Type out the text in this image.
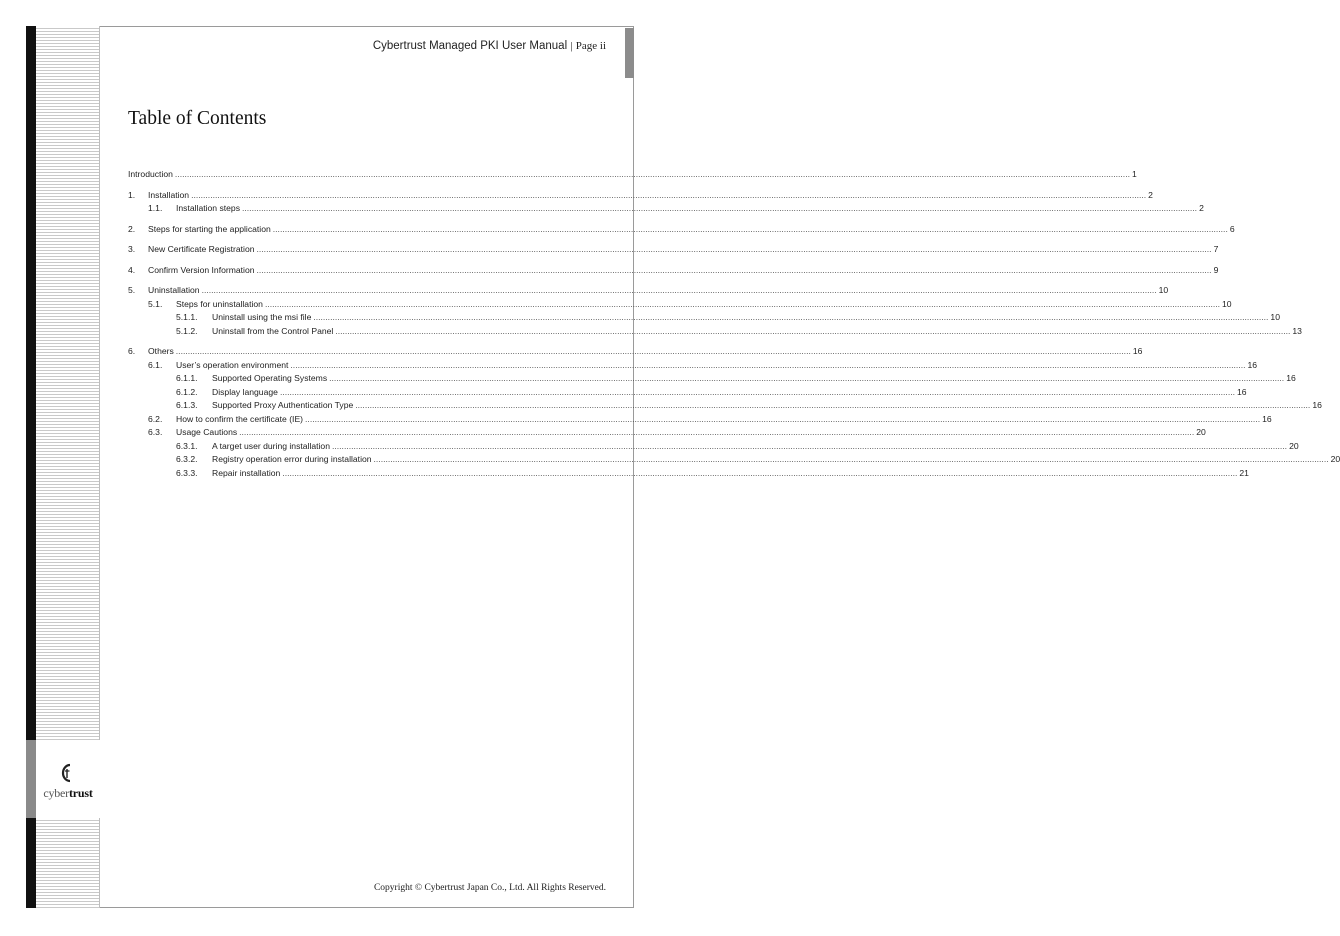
cybertrust
Cybertrust Managed PKI User Manual | Page ii
Table of Contents
Introduction ................................................................................................................................................................................................................................................................................................................................................................................................................ 1
1.	Installation ................................................................................................................................................................................................................................................................................................................................................................................................................ 2
1.1.	Installation steps ................................................................................................................................................................................................................................................................................................................................................................................................................ 2
2.	Steps for starting the application ................................................................................................................................................................................................................................................................................................................................................................................................................ 6
3.	New Certificate Registration ................................................................................................................................................................................................................................................................................................................................................................................................................ 7
4.	Confirm Version Information ................................................................................................................................................................................................................................................................................................................................................................................................................ 9
5.	Uninstallation ................................................................................................................................................................................................................................................................................................................................................................................................................ 10
5.1.	Steps for uninstallation ................................................................................................................................................................................................................................................................................................................................................................................................................ 10
5.1.1.	Uninstall using the msi file ................................................................................................................................................................................................................................................................................................................................................................................................................ 10
5.1.2.	Uninstall from the Control Panel ................................................................................................................................................................................................................................................................................................................................................................................................................ 13
6.	Others ................................................................................................................................................................................................................................................................................................................................................................................................................ 16
6.1.	User’s operation environment ................................................................................................................................................................................................................................................................................................................................................................................................................ 16
6.1.1.	Supported Operating Systems ................................................................................................................................................................................................................................................................................................................................................................................................................ 16
6.1.2.	Display language ................................................................................................................................................................................................................................................................................................................................................................................................................ 16
6.1.3.	Supported Proxy Authentication Type ................................................................................................................................................................................................................................................................................................................................................................................................................ 16
6.2.	How to confirm the certificate (IE) ................................................................................................................................................................................................................................................................................................................................................................................................................ 16
6.3.	Usage Cautions ................................................................................................................................................................................................................................................................................................................................................................................................................ 20
6.3.1.	A target user during installation ................................................................................................................................................................................................................................................................................................................................................................................................................ 20
6.3.2.	Registry operation error during installation ................................................................................................................................................................................................................................................................................................................................................................................................................ 20
6.3.3.	Repair installation ................................................................................................................................................................................................................................................................................................................................................................................................................ 21
Copyright © Cybertrust Japan Co., Ltd. All Rights Reserved.
